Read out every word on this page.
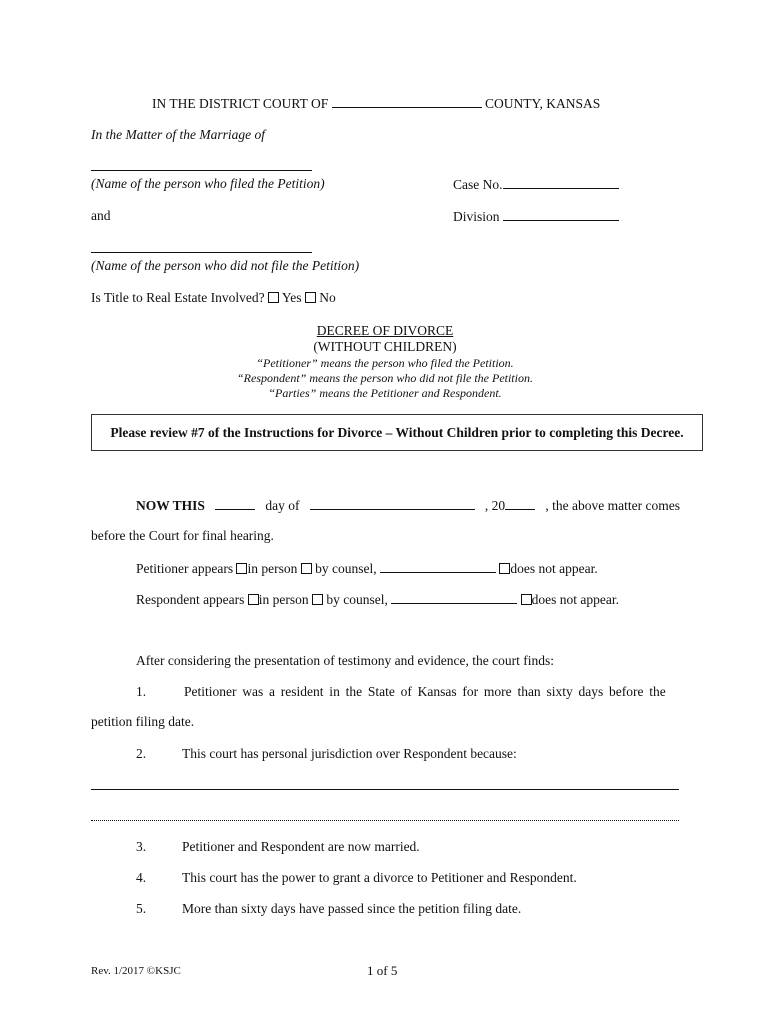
IN THE DISTRICT COURT OF	COUNTY, KANSAS
In the Matter of the Marriage of
(Name of the person who filed the Petition)	Case No.
and	Division
(Name of the person who did not file the Petition)
Is Title to Real Estate Involved? Yes No
DECREE OF DIVORCE
(WITHOUT CHILDREN)
“Petitioner” means the person who filed the Petition.
“Respondent” means the person who did not file the Petition.
“Parties” means the Petitioner and Respondent.
Please review #7 of the Instructions for Divorce – Without Children prior to completing this Decree.
NOW THIS	day of	, 20	, the above matter comes
before the Court for final hearing.
Petitioner appears in person by counsel,	does not appear.
Respondent appears in person by counsel,	does not appear.
After considering the presentation of testimony and evidence, the court finds:
1.	Petitioner was a resident in the State of Kansas for more than sixty days before the
petition filing date.
2.	This court has personal jurisdiction over Respondent because:
3.	Petitioner and Respondent are now married.
4.	This court has the power to grant a divorce to Petitioner and Respondent.
5.	More than sixty days have passed since the petition filing date.
Rev. 1/2017 ©KSJC	1 of 5
